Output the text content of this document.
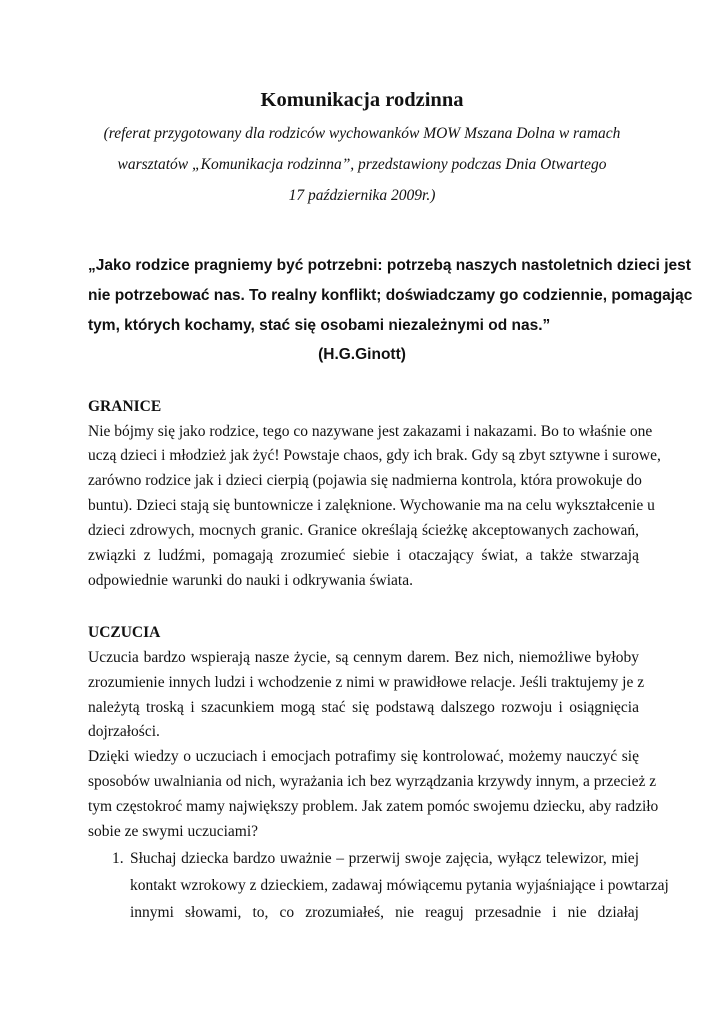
Komunikacja rodzinna
(referat przygotowany dla rodziców wychowanków MOW Mszana Dolna w ramach
warsztatów „Komunikacja rodzinna”, przedstawiony podczas Dnia Otwartego
17 października 2009r.)
„Jako rodzice pragniemy być potrzebni: potrzebą naszych nastoletnich dzieci jest
nie potrzebować nas. To realny konflikt; doświadczamy go codziennie, pomagając
tym, których kochamy, stać się osobami niezależnymi od nas.”
(H.G.Ginott)
GRANICE
Nie bójmy się jako rodzice, tego co nazywane jest zakazami i nakazami. Bo to właśnie one
uczą dzieci i młodzież jak żyć! Powstaje chaos, gdy ich brak. Gdy są zbyt sztywne i surowe,
zarówno rodzice jak i dzieci cierpią (pojawia się nadmierna kontrola, która prowokuje do
buntu). Dzieci stają się buntownicze i zalęknione. Wychowanie ma na celu wykształcenie u
dzieci zdrowych, mocnych granic. Granice określają ścieżkę akceptowanych zachowań,
związki z ludźmi, pomagają zrozumieć siebie i otaczający świat, a także stwarzają
odpowiednie warunki do nauki i odkrywania świata.
UCZUCIA
Uczucia bardzo wspierają nasze życie, są cennym darem. Bez nich, niemożliwe byłoby
zrozumienie innych ludzi i wchodzenie z nimi w prawidłowe relacje. Jeśli traktujemy je z
należytą troską i szacunkiem mogą stać się podstawą dalszego rozwoju i osiągnięcia
dojrzałości.
Dzięki wiedzy o uczuciach i emocjach potrafimy się kontrolować, możemy nauczyć się
sposobów uwalniania od nich, wyrażania ich bez wyrządzania krzywdy innym, a przecież z
tym częstokroć mamy największy problem. Jak zatem pomóc swojemu dziecku, aby radziło
sobie ze swymi uczuciami?
1. Słuchaj dziecka bardzo uważnie – przerwij swoje zajęcia, wyłącz telewizor, miej
kontakt wzrokowy z dzieckiem, zadawaj mówiącemu pytania wyjaśniające i powtarzaj
innymi słowami, to, co zrozumiałeś, nie reaguj przesadnie i nie działaj
